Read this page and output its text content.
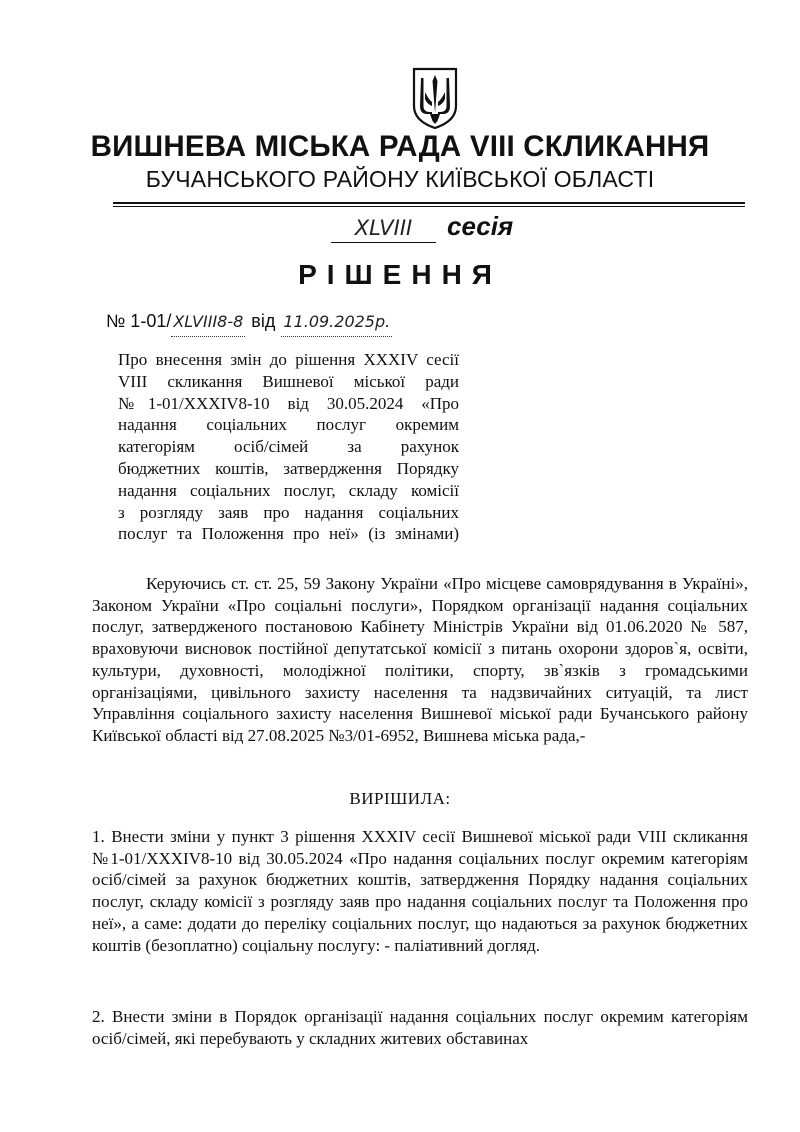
ВИШНЕВА МІСЬКА РАДА VIII СКЛИКАННЯ
БУЧАНСЬКОГО РАЙОНУ КИЇВСЬКОЇ ОБЛАСТІ
XLVIII	сесія
РІШЕННЯ
№ 1-01/ XLVIII8-8 від 11.09.2025р.
Про внесення змін до рішення XXXIV сесії
VIII скликання Вишневої міської ради
№1-01/XXXIV8-10 від 30.05.2024 «Про
надання соціальних послуг окремим
категоріям осіб/сімей за рахунок
бюджетних коштів, затвердження Порядку
надання соціальних послуг, складу комісії
з розгляду заяв про надання соціальних
послуг та Положення про неї» (із змінами)
Керуючись ст. ст. 25, 59 Закону України «Про місцеве самоврядування в Україні», Законом України «Про соціальні послуги», Порядком організації надання соціальних послуг, затвердженого постановою Кабінету Міністрів України від 01.06.2020 № 587, враховуючи висновок постійної депутатської комісії з питань охорони здоров`я, освіти, культури, духовності, молодіжної політики, спорту, зв`язків з громадськими організаціями, цивільного захисту населення та надзвичайних ситуацій, та лист Управління соціального захисту населення Вишневої міської ради Бучанського району Київської області від 27.08.2025 №3/01-6952, Вишнева міська рада,-
ВИРІШИЛА:
1. Внести зміни у пункт 3 рішення XXXIV сесії Вишневої міської ради VIII скликання №1-01/XXXIV8-10 від 30.05.2024 «Про надання соціальних послуг окремим категоріям осіб/сімей за рахунок бюджетних коштів, затвердження Порядку надання соціальних послуг, складу комісії з розгляду заяв про надання соціальних послуг та Положення про неї», а саме: додати до переліку соціальних послуг, що надаються за рахунок бюджетних коштів (безоплатно) соціальну послугу: - паліативний догляд.
2. Внести зміни в Порядок організації надання соціальних послуг окремим категоріям осіб/сімей, які перебувають у складних житевих обставинах
